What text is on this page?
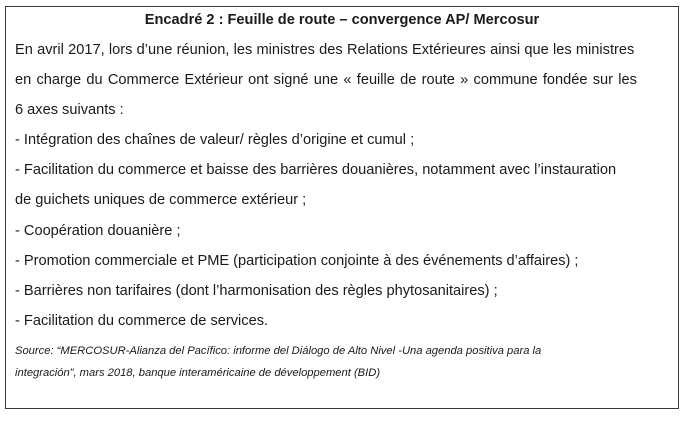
Encadré 2 : Feuille de route – convergence AP/ Mercosur
En avril 2017, lors d’une réunion, les ministres des Relations Extérieures ainsi que les ministres
en charge du Commerce Extérieur ont signé une « feuille de route » commune fondée sur les
6 axes suivants :
- Intégration des chaînes de valeur/ règles d’origine et cumul ;
- Facilitation du commerce et baisse des barrières douanières, notamment avec l’instauration
de guichets uniques de commerce extérieur ;
- Coopération douanière ;
- Promotion commerciale et PME (participation conjointe à des événements d’affaires) ;
- Barrières non tarifaires (dont l’harmonisation des règles phytosanitaires) ;
- Facilitation du commerce de services.
Source: “MERCOSUR-Alianza del Pacífico: informe del Diálogo de Alto Nivel -Una agenda positiva para la
integración”, mars 2018, banque interaméricaine de développement (BID)
